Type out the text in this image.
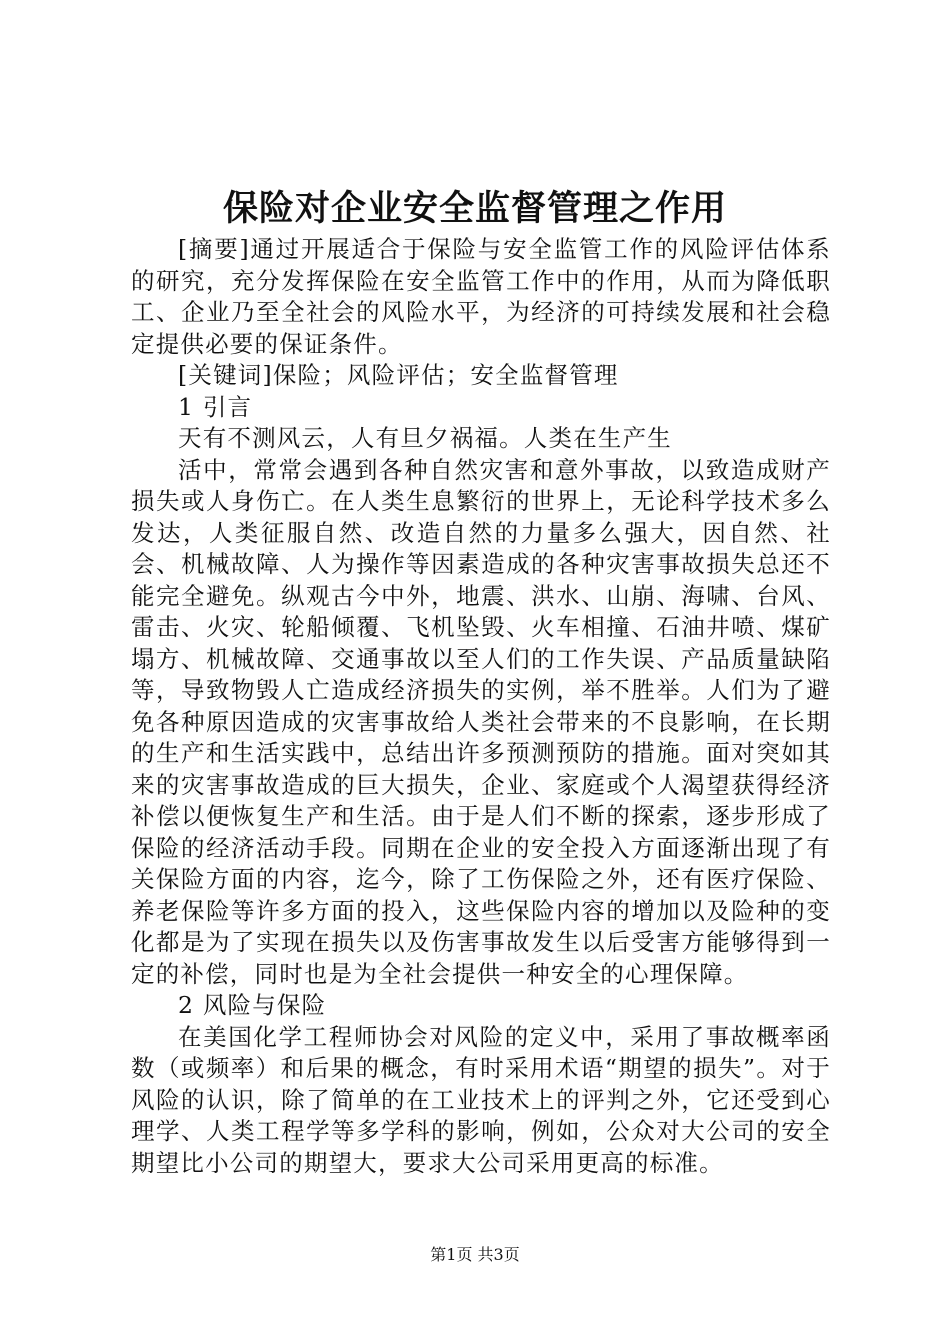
保险对企业安全监督管理之作用

[摘要]通过开展适合于保险与安全监管工作的风险评估体系的研究，充分发挥保险在安全监管工作中的作用，从而为降低职工、企业乃至全社会的风险水平，为经济的可持续发展和社会稳定提供必要的保证条件。

[关键词]保险；风险评估；安全监督管理

1 引言

天有不测风云，人有旦夕祸福。人类在生产生

活中，常常会遇到各种自然灾害和意外事故，以致造成财产损失或人身伤亡。在人类生息繁衍的世界上，无论科学技术多么发达，人类征服自然、改造自然的力量多么强大，因自然、社会、机械故障、人为操作等因素造成的各种灾害事故损失总还不能完全避免。纵观古今中外，地震、洪水、山崩、海啸、台风、雷击、火灾、轮船倾覆、飞机坠毁、火车相撞、石油井喷、煤矿塌方、机械故障、交通事故以至人们的工作失误、产品质量缺陷等，导致物毁人亡造成经济损失的实例，举不胜举。人们为了避免各种原因造成的灾害事故给人类社会带来的不良影响，在长期的生产和生活实践中，总结出许多预测预防的措施。面对突如其来的灾害事故造成的巨大损失，企业、家庭或个人渴望获得经济补偿以便恢复生产和生活。由于是人们不断的探索，逐步形成了保险的经济活动手段。同期在企业的安全投入方面逐渐出现了有关保险方面的内容，迄今，除了工伤保险之外，还有医疗保险、养老保险等许多方面的投入，这些保险内容的增加以及险种的变化都是为了实现在损失以及伤害事故发生以后受害方能够得到一定的补偿，同时也是为全社会提供一种安全的心理保障。

2 风险与保险

在美国化学工程师协会对风险的定义中，采用了事故概率函数（或频率）和后果的概念，有时采用术语“期望的损失”。对于风险的认识，除了简单的在工业技术上的评判之外，它还受到心理学、人类工程学等多学科的影响，例如，公众对大公司的安全期望比小公司的期望大，要求大公司采用更高的标准。

第1页 共3页
